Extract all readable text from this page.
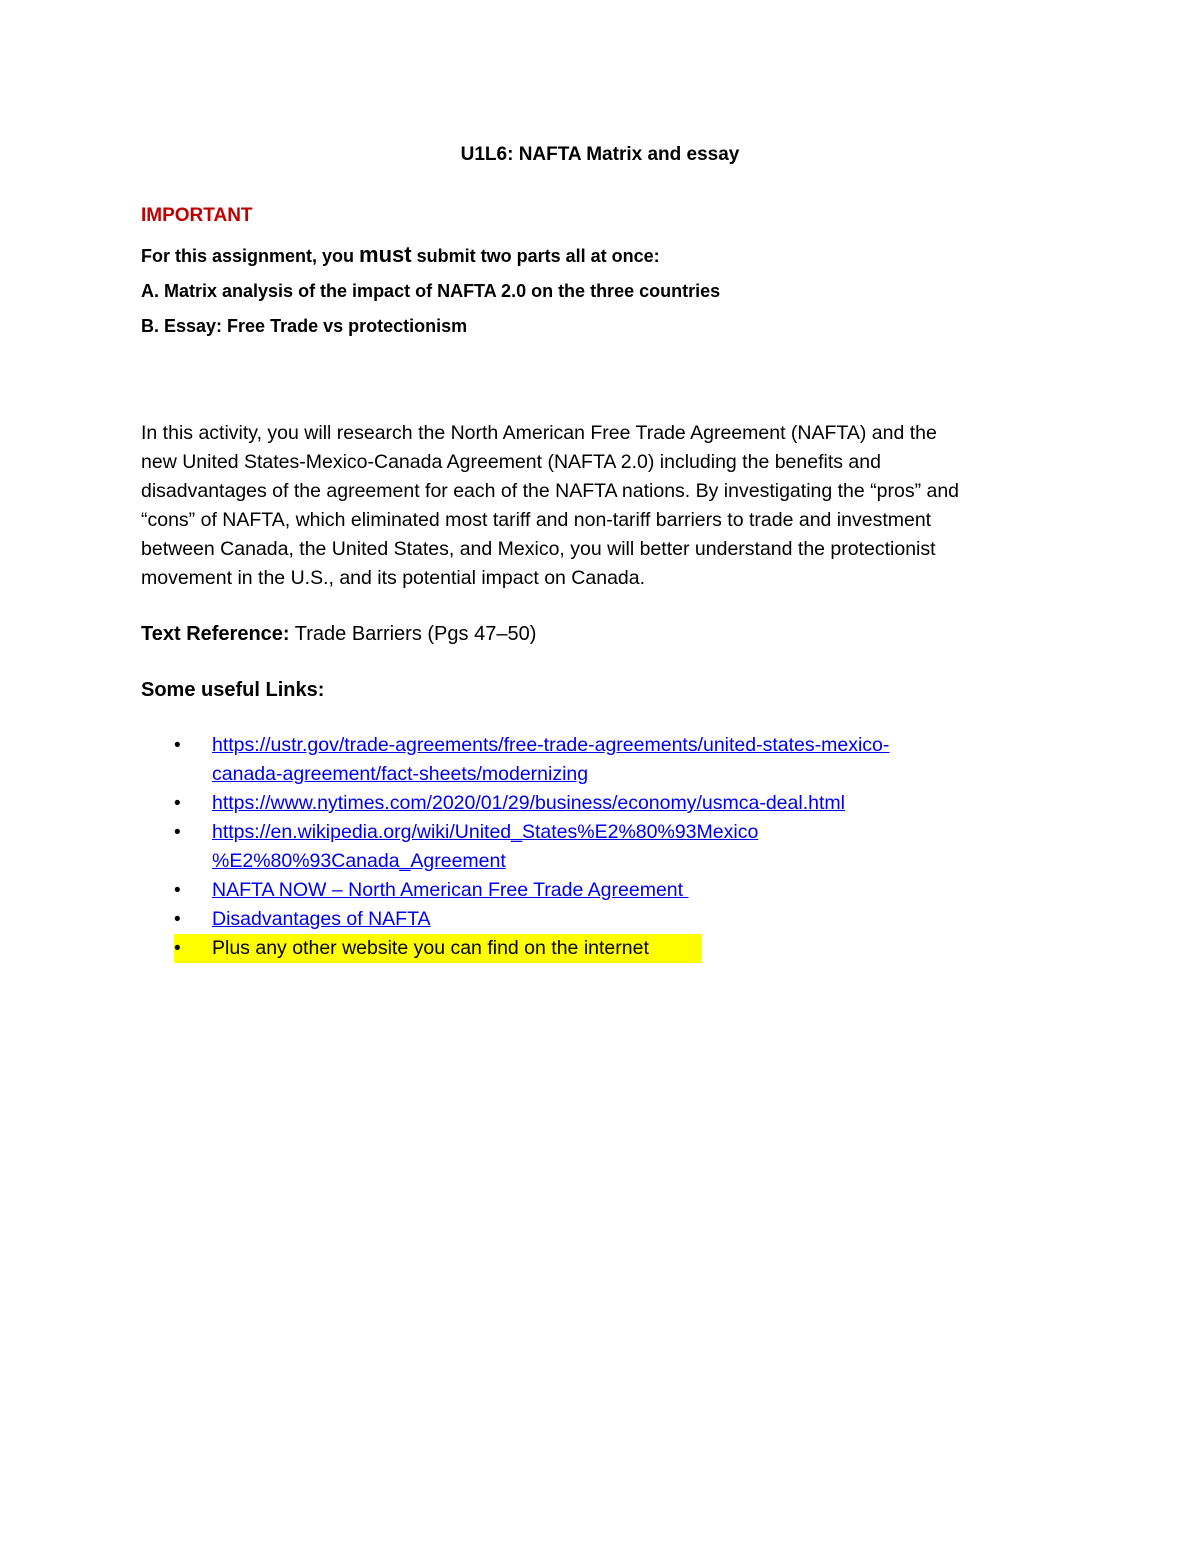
U1L6: NAFTA Matrix and essay
IMPORTANT
For this assignment, you must submit two parts all at once:
A. Matrix analysis of the impact of NAFTA 2.0 on the three countries
B. Essay: Free Trade vs protectionism
In this activity, you will research the North American Free Trade Agreement (NAFTA) and the
new United States-Mexico-Canada Agreement (NAFTA 2.0) including the benefits and
disadvantages of the agreement for each of the NAFTA nations. By investigating the “pros” and
“cons” of NAFTA, which eliminated most tariff and non-tariff barriers to trade and investment
between Canada, the United States, and Mexico, you will better understand the protectionist
movement in the U.S., and its potential impact on Canada.
Text Reference: Trade Barriers (Pgs 47–50)
Some useful Links:
• https://ustr.gov/trade-agreements/free-trade-agreements/united-states-mexico-
canada-agreement/fact-sheets/modernizing
• https://www.nytimes.com/2020/01/29/business/economy/usmca-deal.html
• https://en.wikipedia.org/wiki/United_States%E2%80%93Mexico
%E2%80%93Canada_Agreement
• NAFTA NOW – North American Free Trade Agreement
• Disadvantages of NAFTA
• Plus any other website you can find on the internet
